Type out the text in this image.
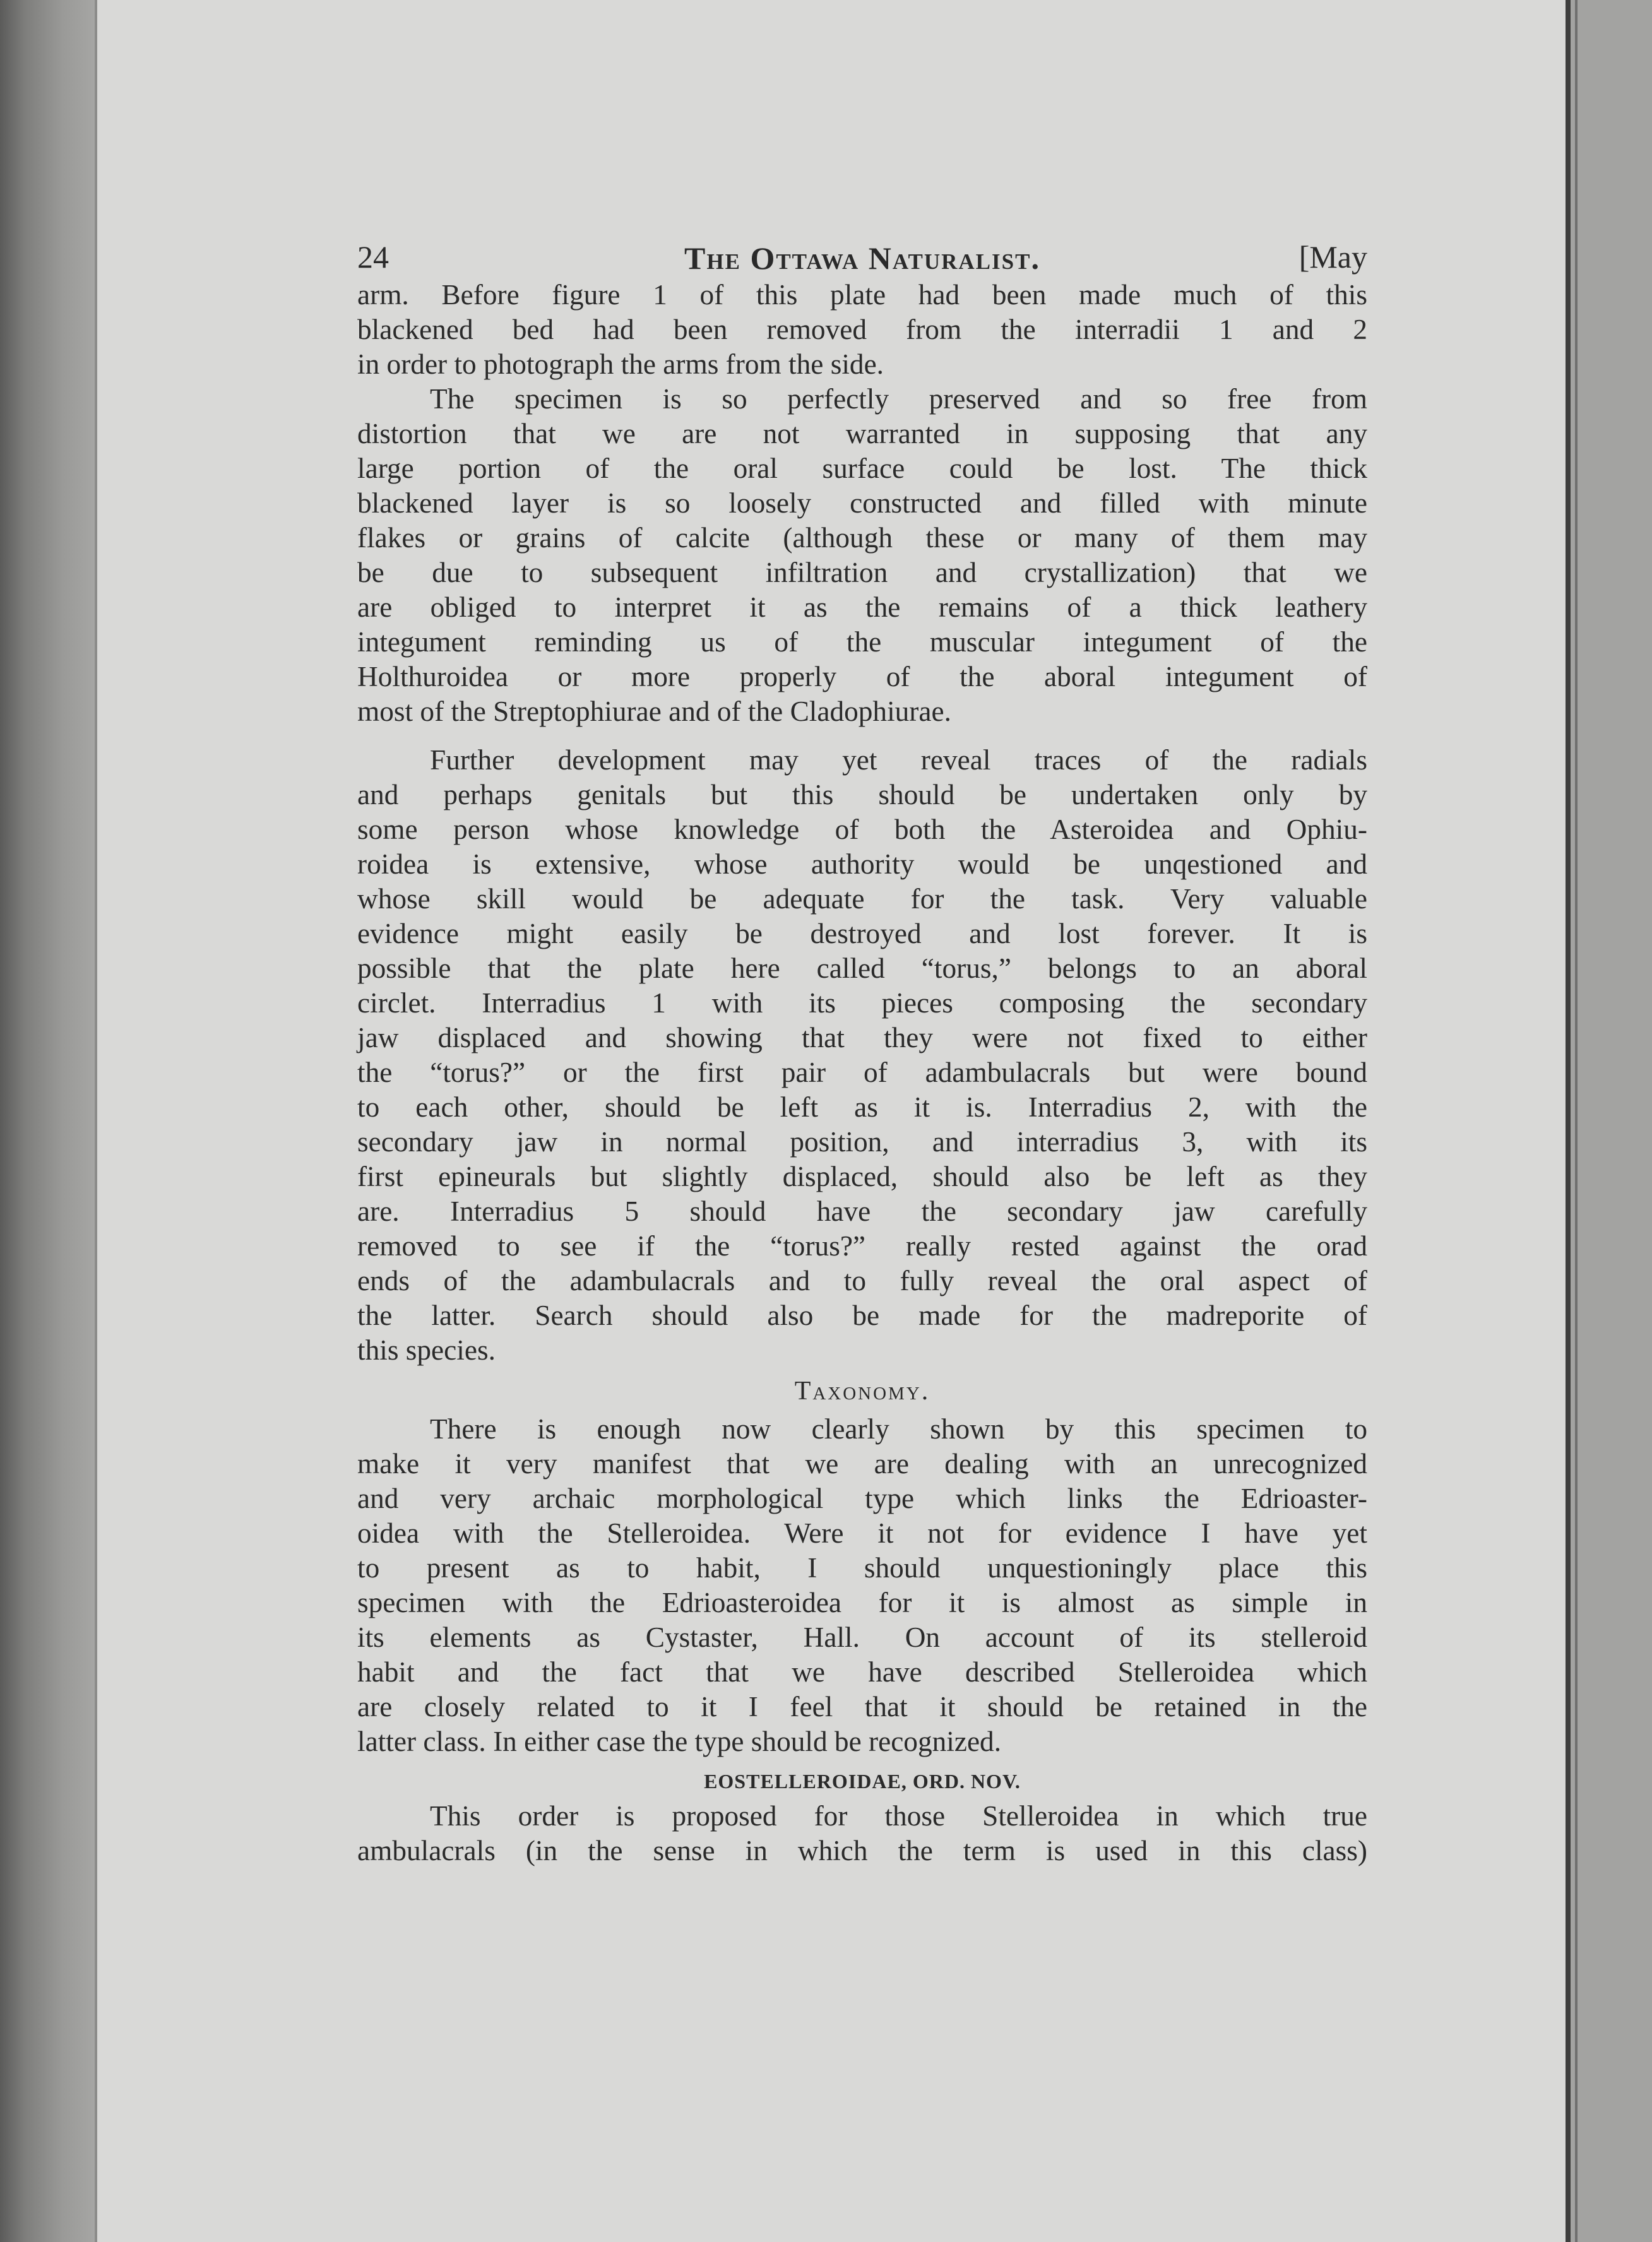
24	The Ottawa Naturalist.	[May
arm. Before figure 1 of this plate had been made much of this
blackened bed had been removed from the interradii 1 and 2
in order to photograph the arms from the side.
The specimen is so perfectly preserved and so free from
distortion that we are not warranted in supposing that any
large portion of the oral surface could be lost. The thick
blackened layer is so loosely constructed and filled with minute
flakes or grains of calcite (although these or many of them may
be due to subsequent infiltration and crystallization) that we
are obliged to interpret it as the remains of a thick leathery
integument reminding us of the muscular integument of the
Holthuroidea or more properly of the aboral integument of
most of the Streptophiurae and of the Cladophiurae.
Further development may yet reveal traces of the radials
and perhaps genitals but this should be undertaken only by
some person whose knowledge of both the Asteroidea and Ophiu-
roidea is extensive, whose authority would be unqestioned and
whose skill would be adequate for the task. Very valuable
evidence might easily be destroyed and lost forever. It is
possible that the plate here called “torus,” belongs to an aboral
circlet. Interradius 1 with its pieces composing the secondary
jaw displaced and showing that they were not fixed to either
the “torus?” or the first pair of adambulacrals but were bound
to each other, should be left as it is. Interradius 2, with the
secondary jaw in normal position, and interradius 3, with its
first epineurals but slightly displaced, should also be left as they
are. Interradius 5 should have the secondary jaw carefully
removed to see if the “torus?” really rested against the orad
ends of the adambulacrals and to fully reveal the oral aspect of
the latter. Search should also be made for the madreporite of
this species.
Taxonomy.
There is enough now clearly shown by this specimen to
make it very manifest that we are dealing with an unrecognized
and very archaic morphological type which links the Edrioaster-
oidea with the Stelleroidea. Were it not for evidence I have yet
to present as to habit, I should unquestioningly place this
specimen with the Edrioasteroidea for it is almost as simple in
its elements as Cystaster, Hall. On account of its stelleroid
habit and the fact that we have described Stelleroidea which
are closely related to it I feel that it should be retained in the
latter class. In either case the type should be recognized.
EOSTELLEROIDAE, ORD. NOV.
This order is proposed for those Stelleroidea in which true
ambulacrals (in the sense in which the term is used in this class)
